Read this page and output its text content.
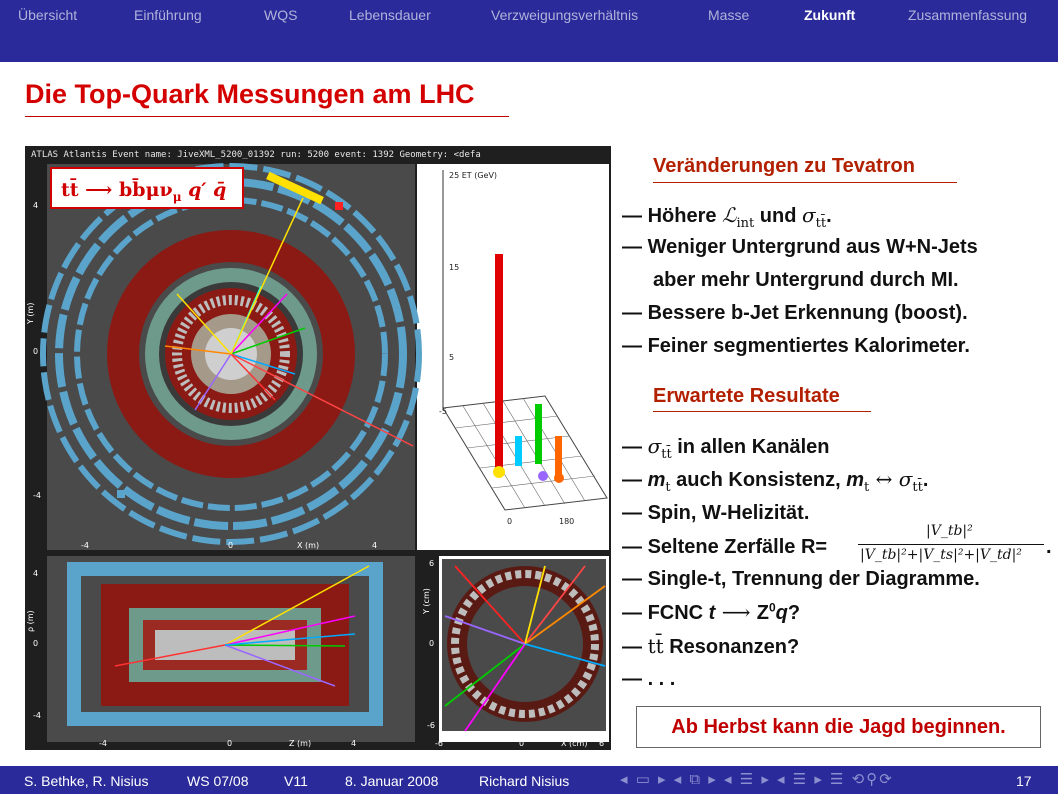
Übersicht	Einführung	WQS	Lebensdauer	Verzweigungsverhältnis	Masse	Zukunft	Zusammenfassung
Die Top-Quark Messungen am LHC
ATLAS Atlantis Event name: JiveXML_5200_01392 run: 5200 event: 1392 Geometry: <defa
tt̄ ⟶ $bb̄\mu\nu_\mu$ q′ q̄
4
0
-4
Y (m)
-4	0	4
X (m)
25 ET (GeV)
15
5
-5
0	180
4
0
-4
ρ (m)
-4	0	4
Z (m)
6
0
-6
Y (cm)
-6	0	6
X (cm)
Veränderungen zu Tevatron
— Höhere ℒ$_{int}$ und $\sigma_{tt̄}$.
— Weniger Untergrund aus W+N-Jets
aber mehr Untergrund durch MI.
— Bessere b-Jet Erkennung (boost).
— Feiner segmentiertes Kalorimeter.
Erwartete Resultate
— $\sigma_{tt̄}$ in allen Kanälen
— $m_t$ auch Konsistenz, $m_t$ ↔ $\sigma_{tt̄}$.
— Spin, W-Helizität.
— Seltene Zerfälle R=
|V_tb|²
|V_tb|²+|V_ts|²+|V_td|² .
— Single-t, Trennung der Diagramme.
— FCNC t ⟶ $Z^0q$?
— tt̄ Resonanzen?
— . . .
Ab Herbst kann die Jagd beginnen.
S. Bethke, R. Nisius	WS 07/08	V11	8. Januar 2008	Richard Nisius	◂ ▭ ▸ ◂ ⧉ ▸ ◂ ☰ ▸ ◂ ☰ ▸ ☰ ⟲⚲⟳	17
